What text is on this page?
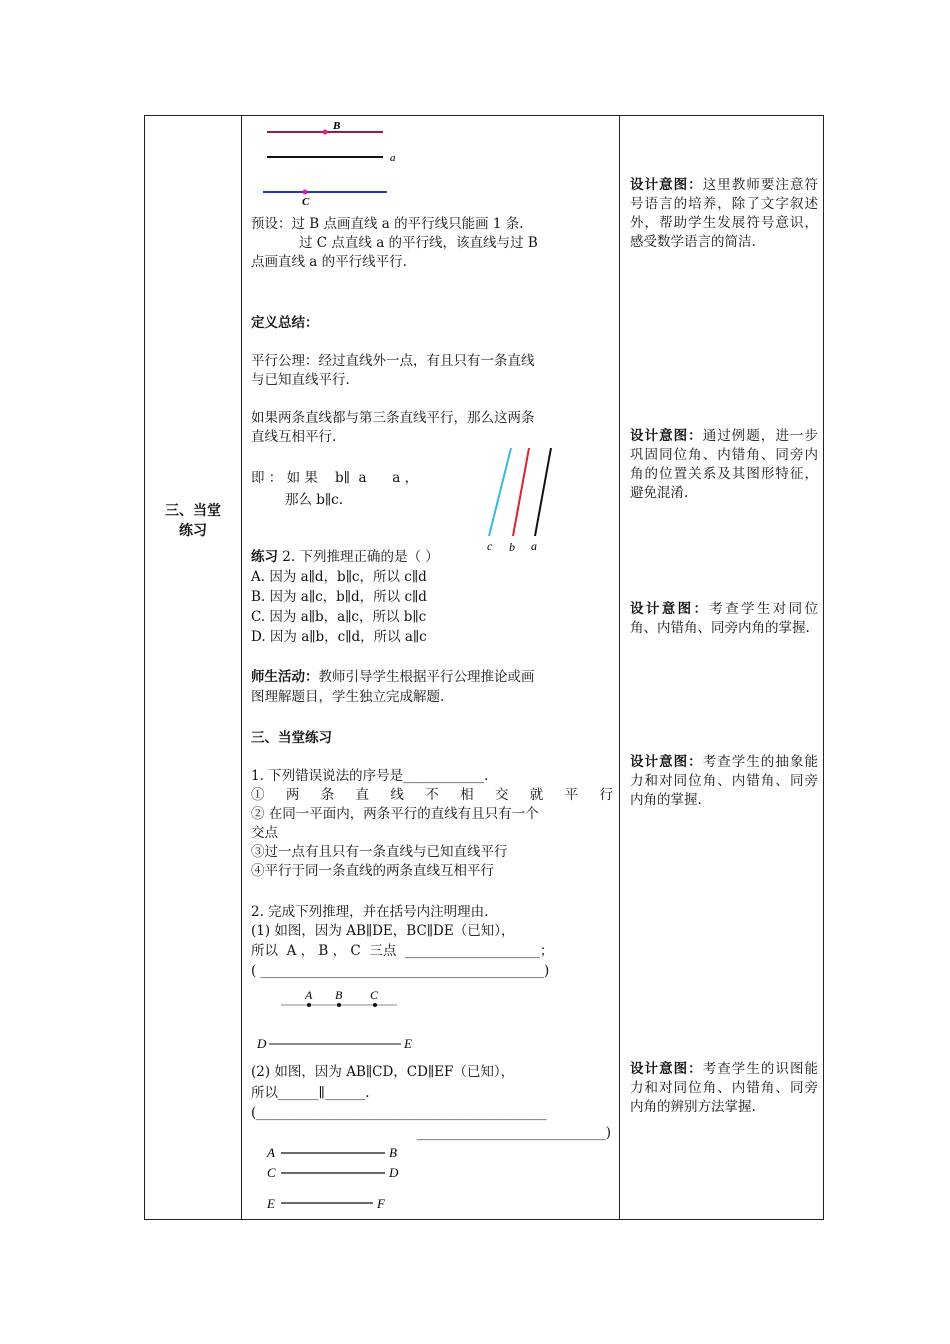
三、当堂
练习
B
a
C
预设：过 B 点画直线 a 的平行线只能画 1 条.
过 C 点直线 a 的平行线，该直线与过 B
点画直线 a 的平行线平行.
定义总结：
平行公理：经过直线外一点，有且只有一条直线
与已知直线平行.
如果两条直线都与第三条直线平行，那么这两条
直线互相平行.
即 ： 如 果    b∥  a      a ，
那么 b∥c.
c b a
练习 2. 下列推理正确的是（ ）
A. 因为 a∥d，b∥c，所以 c∥d
B. 因为 a∥c，b∥d，所以 c∥d
C. 因为 a∥b，a∥c，所以 b∥c
D. 因为 a∥b，c∥d，所以 a∥c
师生活动：教师引导学生根据平行公理推论或画
图理解题目，学生独立完成解题.
三、当堂练习
1. 下列错误说法的序号是____________.
① 两 条 直 线 不 相 交 就 平 行
② 在同一平面内，两条平行的直线有且只有一个
交点
③过一点有且只有一条直线与已知直线平行
④平行于同一条直线的两条直线互相平行
2. 完成下列推理，并在括号内注明理由.
(1) 如图，因为 AB∥DE，BC∥DE（已知），
所以  A ， B ， C  三点  ____________________；
( __________________________________________)
A B C
D	E
(2) 如图，因为 AB∥CD，CD∥EF（已知），
所以______∥______.
(___________________________________________
____________________________)
A	B
C	D
E	F

设计意图：这里教师要注意符号语言的培养，除了文字叙述外，帮助学生发展符号意识，感受数学语言的简洁.

设计意图：通过例题，进一步巩固同位角、内错角、同旁内角的位置关系及其图形特征，避免混淆.

设计意图：考查学生对同位角、内错角、同旁内角的掌握.

设计意图：考查学生的抽象能力和对同位角、内错角、同旁内角的掌握.

设计意图：考查学生的识图能力和对同位角、内错角、同旁内角的辨别方法掌握.
